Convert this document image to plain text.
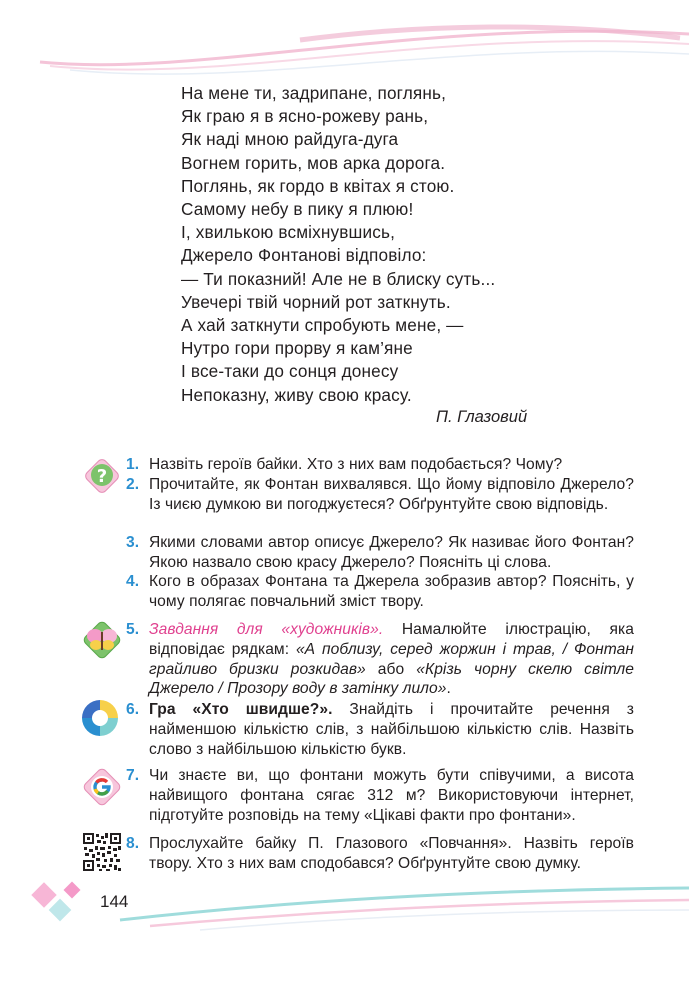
На мене ти, задрипане, поглянь,
Як граю я в ясно-рожеву рань,
Як наді мною райдуга-дуга
Вогнем горить, мов арка дорога.
Поглянь, як гордо в квітах я стою.
Самому небу в пику я плюю!
І, хвилькою всміхнувшись,
Джерело Фонтанові відповіло:
— Ти показний! Але не в блиску суть...
Увечері твій чорний рот заткнуть.
А хай заткнути спробують мене, —
Нутро гори прорву я кам’яне
І все-таки до сонця донесу
Непоказну, живу свою красу.
П. Глазовий
?
1. Назвіть героїв байки. Хто з них вам подобається? Чому?
2. Прочитайте, як Фонтан вихвалявся. Що йому відповіло Джерело? Із чиєю думкою ви погоджуєтеся? Обґрунтуйте свою відповідь.
3. Якими словами автор описує Джерело? Як називає його Фонтан? Якою назвало свою красу Джерело? Поясніть ці слова.
4. Кого в образах Фонтана та Джерела зобразив автор? Поясніть, у чому полягає повчальний зміст твору.
5. Завдання для «художників». Намалюйте ілюстрацію, яка відповідає рядкам: «А поблизу, серед жоржин і трав, / Фонтан грайливо бризки розкидав» або «Крізь чорну скелю світле Джерело / Прозору воду в затінку лило».
6. Гра «Хто швидше?». Знайдіть і прочитайте речення з найменшою кількістю слів, з найбільшою кількістю слів. Назвіть слово з найбільшою кількістю букв.
7. Чи знаєте ви, що фонтани можуть бути співучими, а висота найвищого фонтана сягає 312 м? Використовуючи інтернет, підготуйте розповідь на тему «Цікаві факти про фонтани».
8. Прослухайте байку П. Глазового «Повчання». Назвіть героїв твору. Хто з них вам сподобався? Обґрунтуйте свою думку.
144
